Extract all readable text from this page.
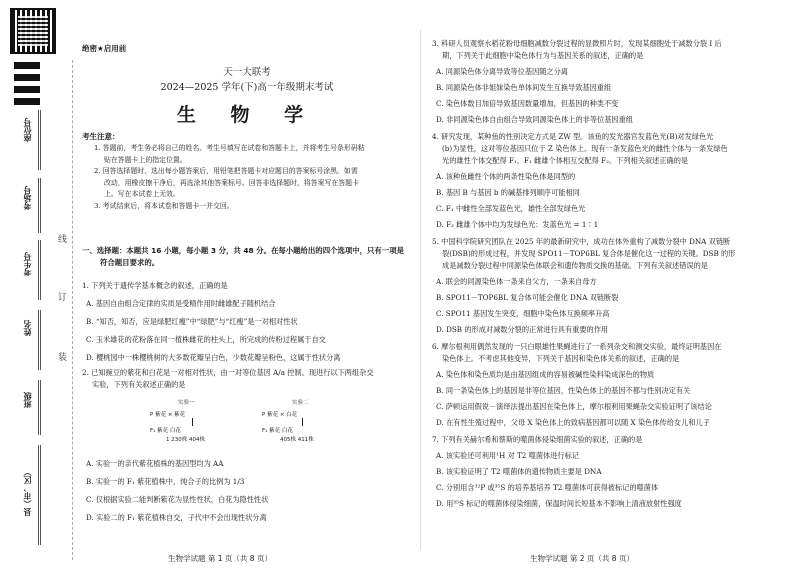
座位号
考场号
考生号
姓名
班级
县（市、区）
线
订
装
绝密★启用前
天一大联考
2024—2025 学年(下)高一年级期末考试
生 物 学
考生注意：
1. 答题前，考生务必将自己的姓名、考生号填写在试卷和答题卡上，并将考生号条形码粘
贴在答题卡上的指定位置。
2. 回答选择题时，选出每小题答案后，用铅笔把答题卡对应题目的答案标号涂黑。如需
改动，用橡皮擦干净后，再选涂其他答案标号。回答非选择题时，将答案写在答题卡
上。写在本试卷上无效。
3. 考试结束后，将本试卷和答题卡一并交回。
一、选择题：本题共 16 小题，每小题 3 分，共 48 分。在每小题给出的四个选项中，只有一项是
符合题目要求的。
1. 下列关于遗传学基本概念的叙述，正确的是
A. 基因自由组合定律的实质是受精作用时雌雄配子随机结合
B. “知否，知否，应是绿肥红瘦”中“绿肥”与“红瘦”是一对相对性状
C. 玉米雄花的花粉落在同一植株雌花的柱头上，所完成的传粉过程属于自交
D. 樱桃园中一株樱桃树的大多数花瓣呈白色，少数花瓣呈粉色，这属于性状分离
2. 已知豌豆的紫花和白花是一对相对性状，由一对等位基因 A/a 控制。现进行以下两组杂交
实验，下列有关叙述正确的是
实验一
P 紫花 × 紫花
F₁ 紫花 白花
1 230株 404株
实验二
P 紫花 × 白花
F₁ 紫花 白花
405株 411株
A. 实验一的亲代紫花植株的基因型均为 AA
B. 实验一的 F₁ 紫花植株中，纯合子的比例为 1/3
C. 仅根据实验二能判断紫花为显性性状，白花为隐性性状
D. 实验二的 F₁ 紫花植株自交，子代中不会出现性状分离
3. 科研人员观察水稻花粉母细胞减数分裂过程的显微照片时，发现某细胞处于减数分裂 Ⅰ 后
期，下列关于此细胞中染色体行为与基因关系的叙述，正确的是
A. 同源染色体分离导致等位基因随之分离
B. 同源染色体非姐妹染色单体间发生互换导致基因重组
C. 染色体数目加倍导致基因数量增加，但基因的种类不变
D. 非同源染色体自由组合导致同源染色体上的非等位基因重组
4. 研究发现，某种鱼的性别决定方式是 ZW 型。该鱼的发光器官发蓝色光(B)对发绿色光
(b)为显性，这对等位基因只位于 Z 染色体上。现有一条发蓝色光的雌性个体与一条发绿色
光的雄性个体交配得 F₁，F₁ 雌雄个体相互交配得 F₂。下列相关叙述正确的是
A. 该种鱼雌性个体的两条性染色体是同型的
B. 基因 B 与基因 b 的碱基排列顺序可能相同
C. F₁ 中雌性全部发蓝色光，雄性全部发绿色光
D. F₂ 雌雄个体中均为发绿色光：发蓝色光 = 1∶1
5. 中国科学院研究团队在 2025 年的最新研究中，成功在体外重构了减数分裂中 DNA 双链断
裂(DSB)的形成过程，并发现 SPO11－TOP6BL 复合体是催化这一过程的关键。DSB 的形
成是减数分裂过程中同源染色体联会和遗传物质交换的基础。下列有关叙述错误的是
A. 联会的同源染色体一条来自父方，一条来自母方
B. SPO11－TOP6BL 复合体可能会催化 DNA 双链断裂
C. SPO11 基因发生突变，细胞中染色体互换频率升高
D. DSB 的形成对减数分裂的正常进行具有重要的作用
6. 摩尔根利用偶然发现的一只白眼雄性果蝇进行了一系列杂交和测交实验，最终证明基因在
染色体上。不考虑其他变异，下列关于基因和染色体关系的叙述，正确的是
A. 染色体和染色质均是由基因组成的容易被碱性染料染成深色的物质
B. 同一条染色体上的基因是非等位基因，性染色体上的基因不都与性别决定有关
C. 萨顿运用假说－演绎法提出基因在染色体上，摩尔根利用果蝇杂交实验证明了该结论
D. 在有性生殖过程中，父母 X 染色体上的致病基因都可以随 X 染色体传给女儿和儿子
7. 下列有关赫尔希和蔡斯的噬菌体侵染细菌实验的叙述，正确的是
A. 该实验还可利用¹H 对 T2 噬菌体进行标记
B. 该实验证明了 T2 噬菌体的遗传物质主要是 DNA
C. 分别用含³²P 或³⁵S 的培养基培养 T2 噬菌体可获得被标记的噬菌体
D. 用³⁵S 标记的噬菌体侵染细菌，保温时间长短基本不影响上清液放射性强度
生物学试题 第 1 页（共 8 页）	生物学试题 第 2 页（共 8 页）
